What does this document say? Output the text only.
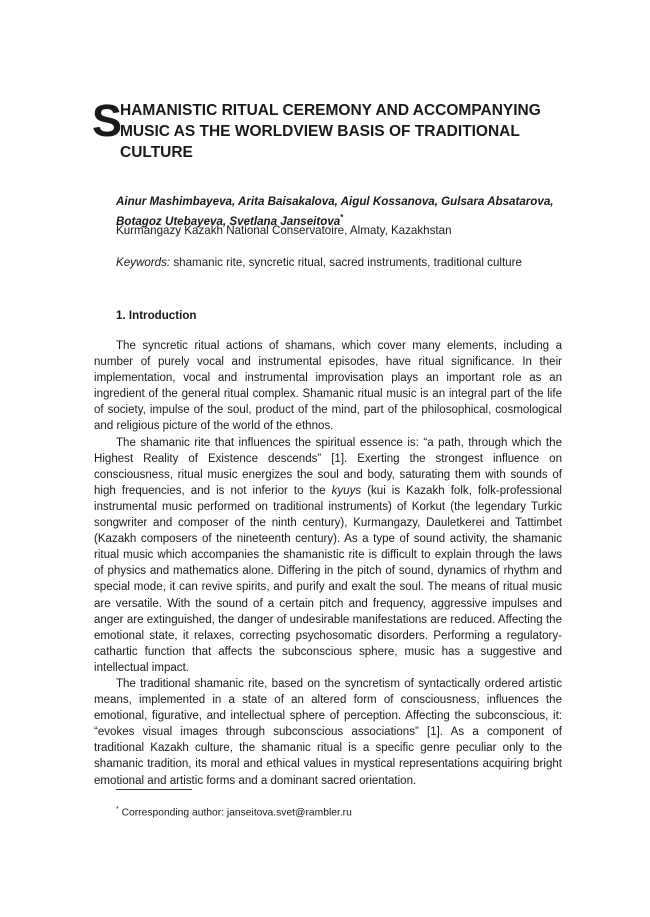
S
HAMANISTIC RITUAL CEREMONY AND ACCOMPANYING
MUSIC AS THE WORLDVIEW BASIS OF TRADITIONAL
CULTURE
Ainur Mashimbayeva, Arita Baisakalova, Aigul Kossanova, Gulsara Absatarova, Botagoz Utebayeva, Svetlana Janseitova*
Kurmangazy Kazakh National Conservatoire, Almaty, Kazakhstan
Keywords: shamanic rite, syncretic ritual, sacred instruments, traditional culture
1. Introduction

The syncretic ritual actions of shamans, which cover many elements, including a number of purely vocal and instrumental episodes, have ritual significance. In their implementation, vocal and instrumental improvisation plays an important role as an ingredient of the general ritual complex. Shamanic ritual music is an integral part of the life of society, impulse of the soul, product of the mind, part of the philosophical, cosmological and religious picture of the world of the ethnos.

The shamanic rite that influences the spiritual essence is: “a path, through which the Highest Reality of Existence descends” [1]. Exerting the strongest influence on consciousness, ritual music energizes the soul and body, saturating them with sounds of high frequencies, and is not inferior to the kyuys (kui is Kazakh folk, folk-professional instrumental music performed on traditional instruments) of Korkut (the legendary Turkic songwriter and composer of the ninth century), Kurmangazy, Dauletkerei and Tattimbet (Kazakh composers of the nineteenth century). As a type of sound activity, the shamanic ritual music which accompanies the shamanistic rite is difficult to explain through the laws of physics and mathematics alone. Differing in the pitch of sound, dynamics of rhythm and special mode, it can revive spirits, and purify and exalt the soul. The means of ritual music are versatile. With the sound of a certain pitch and frequency, aggressive impulses and anger are extinguished, the danger of undesirable manifestations are reduced. Affecting the emotional state, it relaxes, correcting psychosomatic disorders. Performing a regulatory-cathartic function that affects the subconscious sphere, music has a suggestive and intellectual impact.

The traditional shamanic rite, based on the syncretism of syntactically ordered artistic means, implemented in a state of an altered form of consciousness, influences the emotional, figurative, and intellectual sphere of perception. Affecting the subconscious, it: “evokes visual images through subconscious associations” [1]. As a component of traditional Kazakh culture, the shamanic ritual is a specific genre peculiar only to the shamanic tradition, its moral and ethical values in mystical representations acquiring bright emotional and artistic forms and a dominant sacred orientation.

* Corresponding author: janseitova.svet@rambler.ru
